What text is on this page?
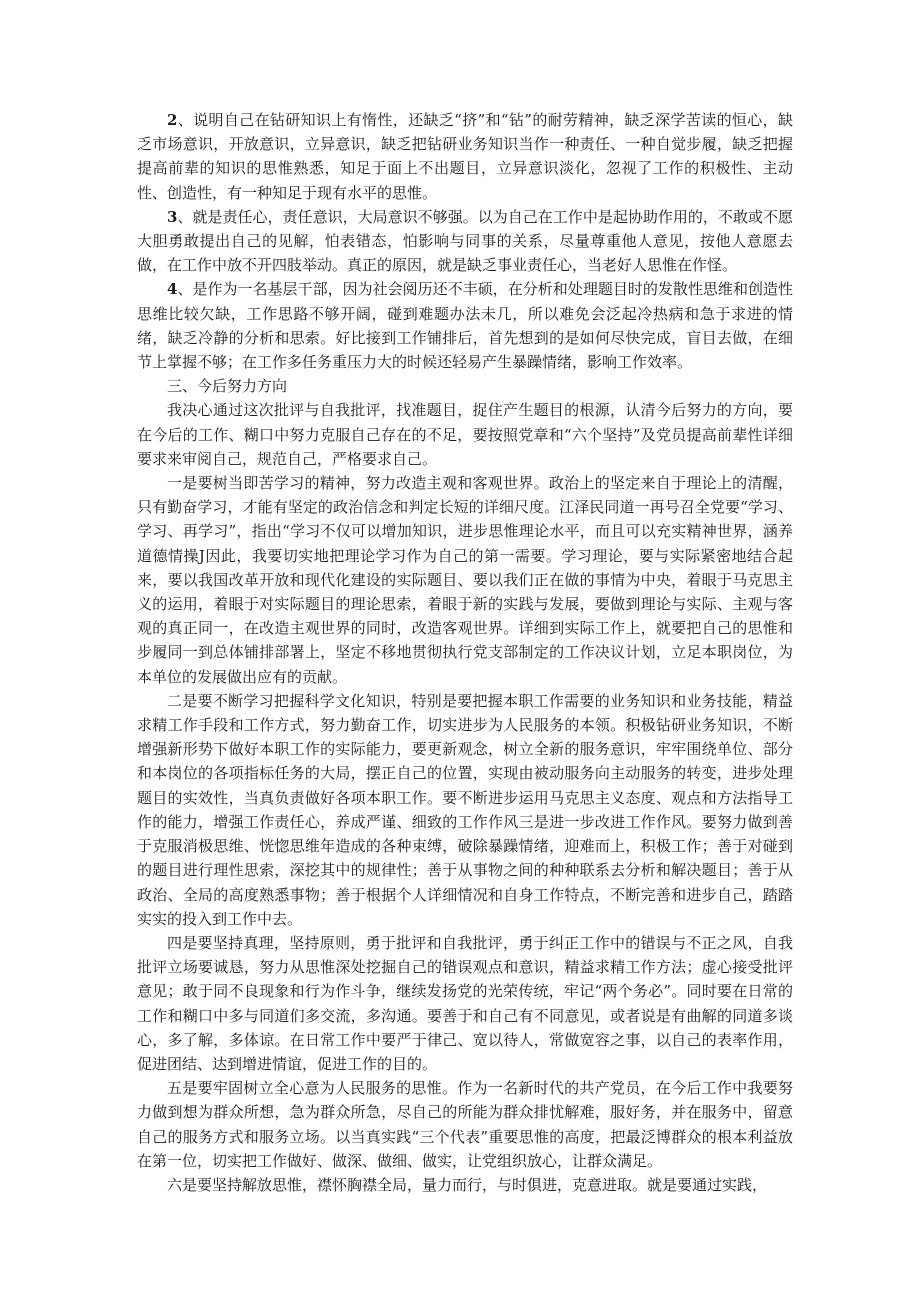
2、说明自己在钻研知识上有惰性，还缺乏“挤”和“钻”的耐劳精神，缺乏深学苦读的恒心，缺乏市场意识，开放意识，立异意识，缺乏把钻研业务知识当作一种责任、一种自觉步履，缺乏把握提高前辈的知识的思惟熟悉，知足于面上不出题目，立异意识淡化，忽视了工作的积极性、主动性、创造性，有一种知足于现有水平的思惟。

3、就是责任心，责任意识，大局意识不够强。以为自己在工作中是起协助作用的，不敢或不愿大胆勇敢提出自己的见解，怕表错态，怕影响与同事的关系，尽量尊重他人意见，按他人意愿去做，在工作中放不开四肢举动。真正的原因，就是缺乏事业责任心，当老好人思惟在作怪。

4、是作为一名基层干部，因为社会阅历还不丰硕，在分析和处理题目时的发散性思维和创造性思维比较欠缺，工作思路不够开阔，碰到难题办法未几，所以难免会泛起冷热病和急于求进的情绪，缺乏冷静的分析和思索。好比接到工作铺排后，首先想到的是如何尽快完成，盲目去做，在细节上掌握不够；在工作多任务重压力大的时候还轻易产生暴躁情绪，影响工作效率。

三、今后努力方向

我决心通过这次批评与自我批评，找准题目，捉住产生题目的根源，认清今后努力的方向，要在今后的工作、糊口中努力克服自己存在的不足，要按照党章和“六个坚持”及党员提高前辈性详细要求来审阅自己，规范自己，严格要求自己。

一是要树当即苦学习的精神，努力改造主观和客观世界。政治上的坚定来自于理论上的清醒，只有勤奋学习，才能有坚定的政治信念和判定长短的详细尺度。江泽民同道一再号召全党要“学习、学习、再学习”，指出“学习不仅可以增加知识，进步思惟理论水平，而且可以充实精神世界，涵养道德情操J因此，我要切实地把理论学习作为自己的第一需要。学习理论，要与实际紧密地结合起来，要以我国改革开放和现代化建设的实际题目、要以我们正在做的事情为中央，着眼于马克思主义的运用，着眼于对实际题目的理论思索，着眼于新的实践与发展，要做到理论与实际、主观与客观的真正同一，在改造主观世界的同时，改造客观世界。详细到实际工作上，就要把自己的思惟和步履同一到总体铺排部署上，坚定不移地贯彻执行党支部制定的工作决议计划，立足本职岗位，为本单位的发展做出应有的贡献。

二是要不断学习把握科学文化知识，特别是要把握本职工作需要的业务知识和业务技能，精益求精工作手段和工作方式，努力勤奋工作，切实进步为人民服务的本领。积极钻研业务知识，不断增强新形势下做好本职工作的实际能力，要更新观念，树立全新的服务意识，牢牢围绕单位、部分和本岗位的各项指标任务的大局，摆正自己的位置，实现由被动服务向主动服务的转变，进步处理题目的实效性，当真负责做好各项本职工作。要不断进步运用马克思主义态度、观点和方法指导工作的能力，增强工作责任心，养成严谨、细致的工作作风三是进一步改进工作作风。要努力做到善于克服消极思维、恍惚思维年造成的各种束缚，破除暴躁情绪，迎难而上，积极工作；善于对碰到的题目进行理性思索，深挖其中的规律性；善于从事物之间的种种联系去分析和解决题目；善于从政治、全局的高度熟悉事物；善于根据个人详细情况和自身工作特点，不断完善和进步自己，踏踏实实的投入到工作中去。

四是要坚持真理，坚持原则，勇于批评和自我批评，勇于纠正工作中的错误与不正之风，自我批评立场要诚恳，努力从思惟深处挖掘自己的错误观点和意识，精益求精工作方法；虚心接受批评意见；敢于同不良现象和行为作斗争，继续发扬党的光荣传统，牢记“两个务必”。同时要在日常的工作和糊口中多与同道们多交流，多沟通。要善于和自己有不同意见，或者说是有曲解的同道多谈心，多了解，多体谅。在日常工作中要严于律己、宽以待人，常做宽容之事，以自己的表率作用，促进团结、达到增进情谊，促进工作的目的。

五是要牢固树立全心意为人民服务的思惟。作为一名新时代的共产党员，在今后工作中我要努力做到想为群众所想，急为群众所急，尽自己的所能为群众排忧解难，服好务，并在服务中，留意自己的服务方式和服务立场。以当真实践“三个代表”重要思惟的高度，把最泛博群众的根本利益放在第一位，切实把工作做好、做深、做细、做实，让党组织放心，让群众满足。

六是要坚持解放思惟，襟怀胸襟全局，量力而行，与时俱进，克意进取。就是要通过实践，
